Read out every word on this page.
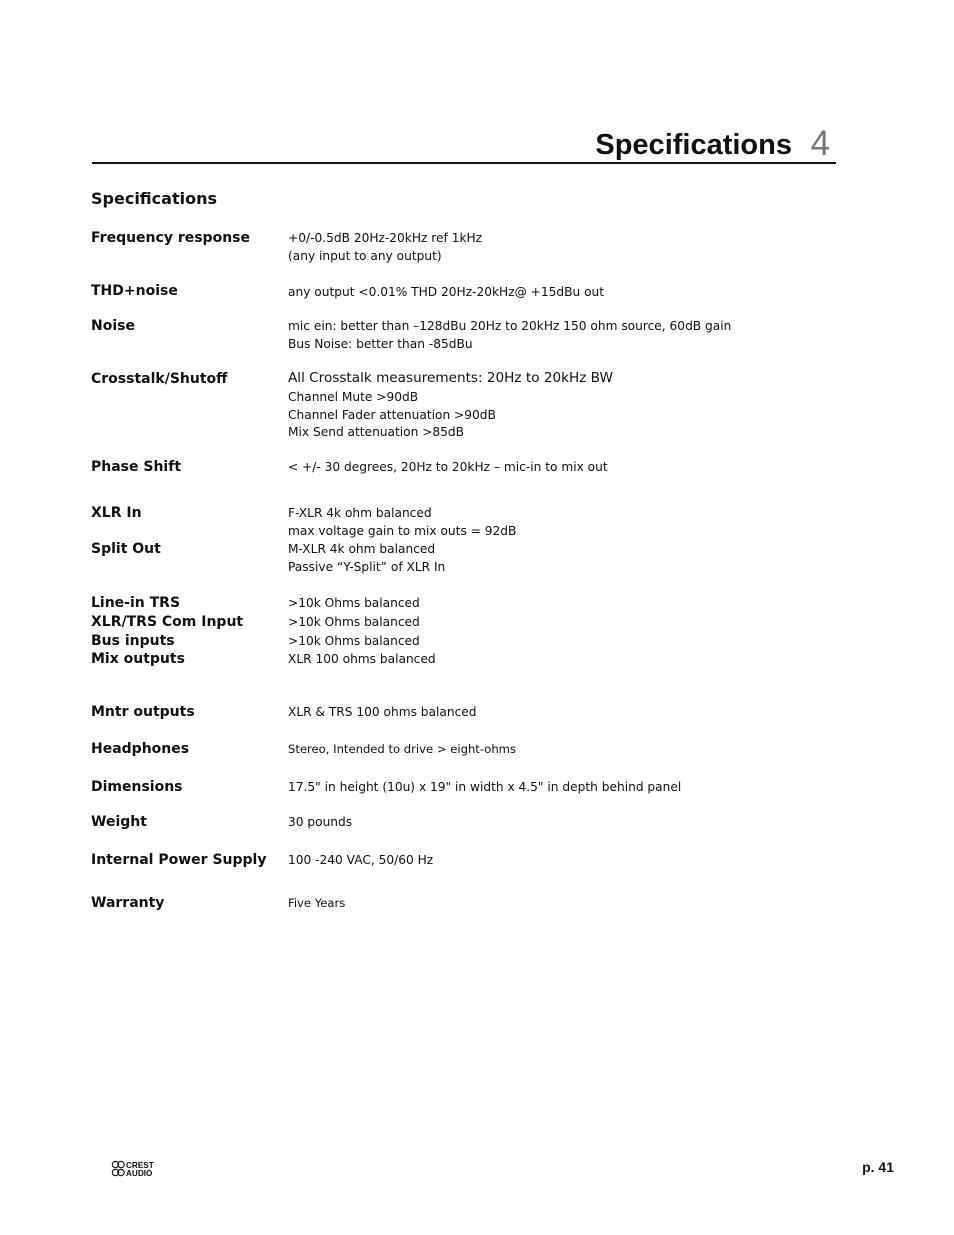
Specifications 4
Specifications
Frequency response	+0/-0.5dB 20Hz-20kHz ref 1kHz
(any input to any output)
THD+noise	any output <0.01% THD 20Hz-20kHz@ +15dBu out
Noise	mic ein: better than –128dBu 20Hz to 20kHz 150 ohm source, 60dB gain
Bus Noise: better than -85dBu
Crosstalk/Shutoff	All Crosstalk measurements: 20Hz to 20kHz BW
Channel Mute >90dB
Channel Fader attenuation >90dB
Mix Send attenuation >85dB
Phase Shift	< +/- 30 degrees, 20Hz to 20kHz – mic-in to mix out
XLR In	F-XLR 4k ohm balanced
max voltage gain to mix outs = 92dB
Split Out	M-XLR 4k ohm balanced
Passive “Y-Split” of XLR In
Line-in TRS	>10k Ohms balanced
XLR/TRS Com Input	>10k Ohms balanced
Bus inputs	>10k Ohms balanced
Mix outputs	XLR 100 ohms balanced
Mntr outputs	XLR & TRS 100 ohms balanced
Headphones	Stereo, Intended to drive > eight-ohms
Dimensions	17.5" in height (10u) x 19" in width x 4.5" in depth behind panel
Weight	30 pounds
Internal Power Supply 100 -240 VAC, 50/60 Hz
Warranty	Five Years
CREST
AUDIO	p. 41
